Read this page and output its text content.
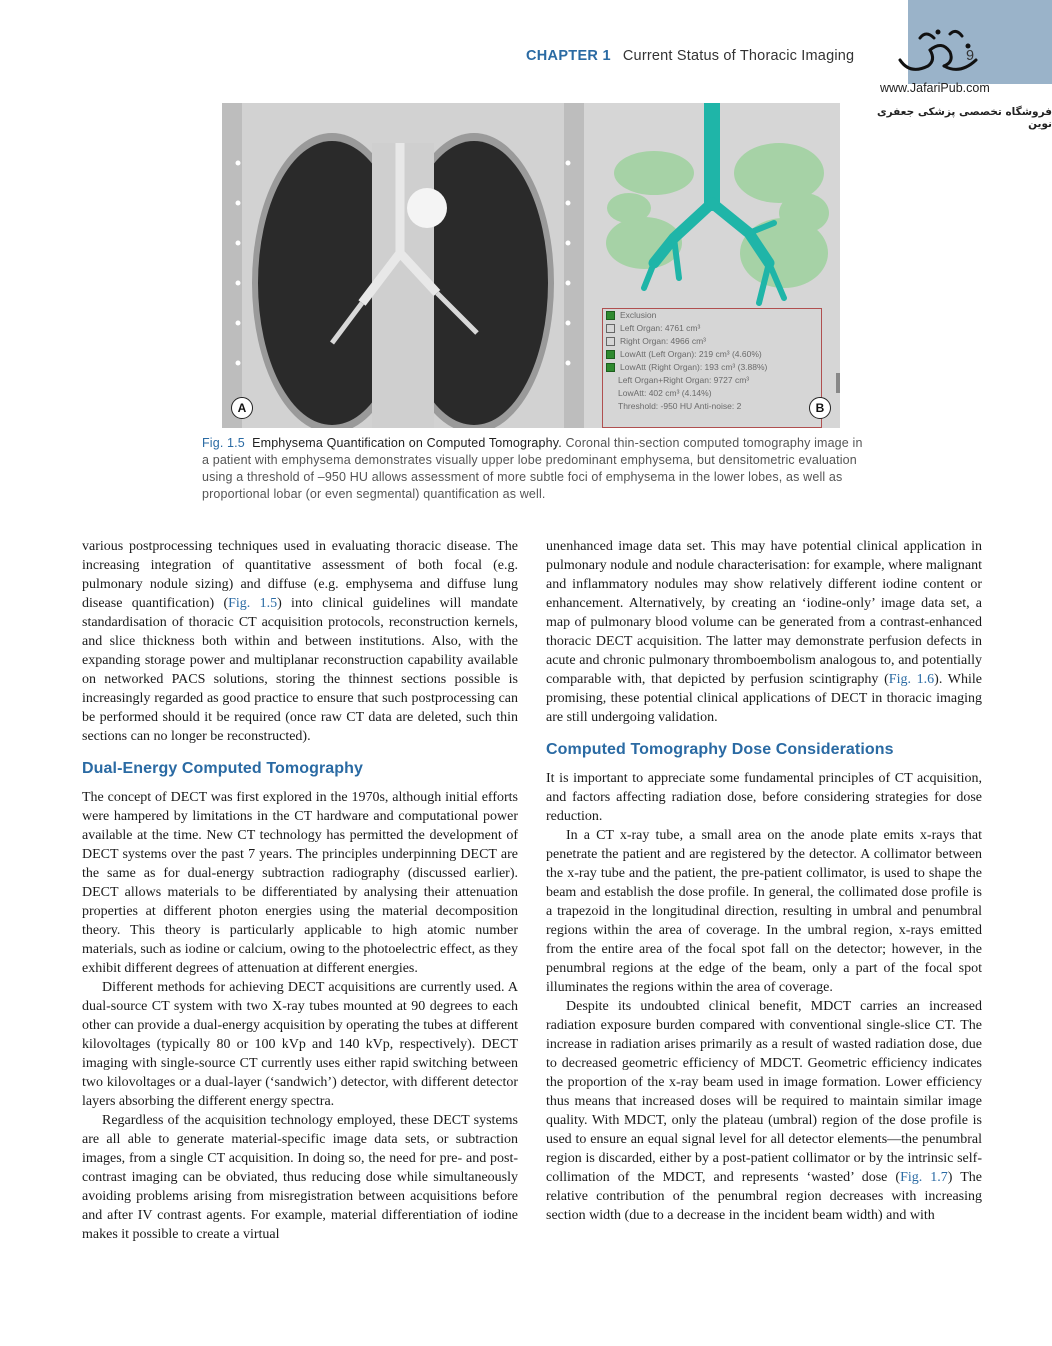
CHAPTER 1 Current Status of Thoracic Imaging	9
www.JafariPub.com
فروشگاه تخصصی پزشکی جعفری نوین
A
Exclusion
Left Organ: 4761 cm³
Right Organ: 4966 cm³
LowAtt (Left Organ): 219 cm³ (4.60%)
LowAtt (Right Organ): 193 cm³ (3.88%)
Left Organ+Right Organ: 9727 cm³
LowAtt: 402 cm³ (4.14%)
Threshold: -950 HU Anti-noise: 2	B
Fig. 1.5 Emphysema Quantification on Computed Tomography. Coronal thin-section computed tomography image in a patient with emphysema demonstrates visually upper lobe predominant emphysema, but densitometric evaluation using a threshold of –950 HU allows assessment of more subtle foci of emphysema in the lower lobes, as well as proportional lobar (or even segmental) quantification as well.

various postprocessing techniques used in evaluating thoracic disease. The increasing integration of quantitative assessment of both focal (e.g. pulmonary nodule sizing) and diffuse (e.g. emphysema and diffuse lung disease quantification) (Fig. 1.5) into clinical guidelines will mandate standardisation of thoracic CT acquisition protocols, reconstruction kernels, and slice thickness both within and between institutions. Also, with the expanding storage power and multiplanar reconstruction capability available on networked PACS solutions, storing the thinnest sections possible is increasingly regarded as good practice to ensure that such postprocessing can be performed should it be required (once raw CT data are deleted, such thin sections can no longer be reconstructed).

Dual-Energy Computed Tomography

The concept of DECT was first explored in the 1970s, although initial efforts were hampered by limitations in the CT hardware and computational power available at the time. New CT technology has permitted the development of DECT systems over the past 7 years. The principles underpinning DECT are the same as for dual-energy subtraction radiography (discussed earlier). DECT allows materials to be differentiated by analysing their attenuation properties at different photon energies using the material decomposition theory. This theory is particularly applicable to high atomic number materials, such as iodine or calcium, owing to the photoelectric effect, as they exhibit different degrees of attenuation at different energies.

Different methods for achieving DECT acquisitions are currently used. A dual-source CT system with two X-ray tubes mounted at 90 degrees to each other can provide a dual-energy acquisition by operating the tubes at different kilovoltages (typically 80 or 100 kVp and 140 kVp, respectively). DECT imaging with single-source CT currently uses either rapid switching between two kilovoltages or a dual-layer (‘sandwich’) detector, with different detector layers absorbing the different energy spectra.

Regardless of the acquisition technology employed, these DECT systems are all able to generate material-specific image data sets, or subtraction images, from a single CT acquisition. In doing so, the need for pre- and post-contrast imaging can be obviated, thus reducing dose while simultaneously avoiding problems arising from misregistration between acquisitions before and after IV contrast agents. For example, material differentiation of iodine makes it possible to create a virtual

unenhanced image data set. This may have potential clinical application in pulmonary nodule and nodule characterisation: for example, where malignant and inflammatory nodules may show relatively different iodine content or enhancement. Alternatively, by creating an ‘iodine-only’ image data set, a map of pulmonary blood volume can be generated from a contrast-enhanced thoracic DECT acquisition. The latter may demonstrate perfusion defects in acute and chronic pulmonary thromboembolism analogous to, and potentially comparable with, that depicted by perfusion scintigraphy (Fig. 1.6). While promising, these potential clinical applications of DECT in thoracic imaging are still undergoing validation.

Computed Tomography Dose Considerations

It is important to appreciate some fundamental principles of CT acquisition, and factors affecting radiation dose, before considering strategies for dose reduction.

In a CT x-ray tube, a small area on the anode plate emits x-rays that penetrate the patient and are registered by the detector. A collimator between the x-ray tube and the patient, the pre-patient collimator, is used to shape the beam and establish the dose profile. In general, the collimated dose profile is a trapezoid in the longitudinal direction, resulting in umbral and penumbral regions within the area of coverage. In the umbral region, x-rays emitted from the entire area of the focal spot fall on the detector; however, in the penumbral regions at the edge of the beam, only a part of the focal spot illuminates the regions within the area of coverage.

Despite its undoubted clinical benefit, MDCT carries an increased radiation exposure burden compared with conventional single-slice CT. The increase in radiation arises primarily as a result of wasted radiation dose, due to decreased geometric efficiency of MDCT. Geometric efficiency indicates the proportion of the x-ray beam used in image formation. Lower efficiency thus means that increased doses will be required to maintain similar image quality. With MDCT, only the plateau (umbral) region of the dose profile is used to ensure an equal signal level for all detector elements—the penumbral region is discarded, either by a post-patient collimator or by the intrinsic self-collimation of the MDCT, and represents ‘wasted’ dose (Fig. 1.7) The relative contribution of the penumbral region decreases with increasing section width (due to a decrease in the incident beam width) and with
